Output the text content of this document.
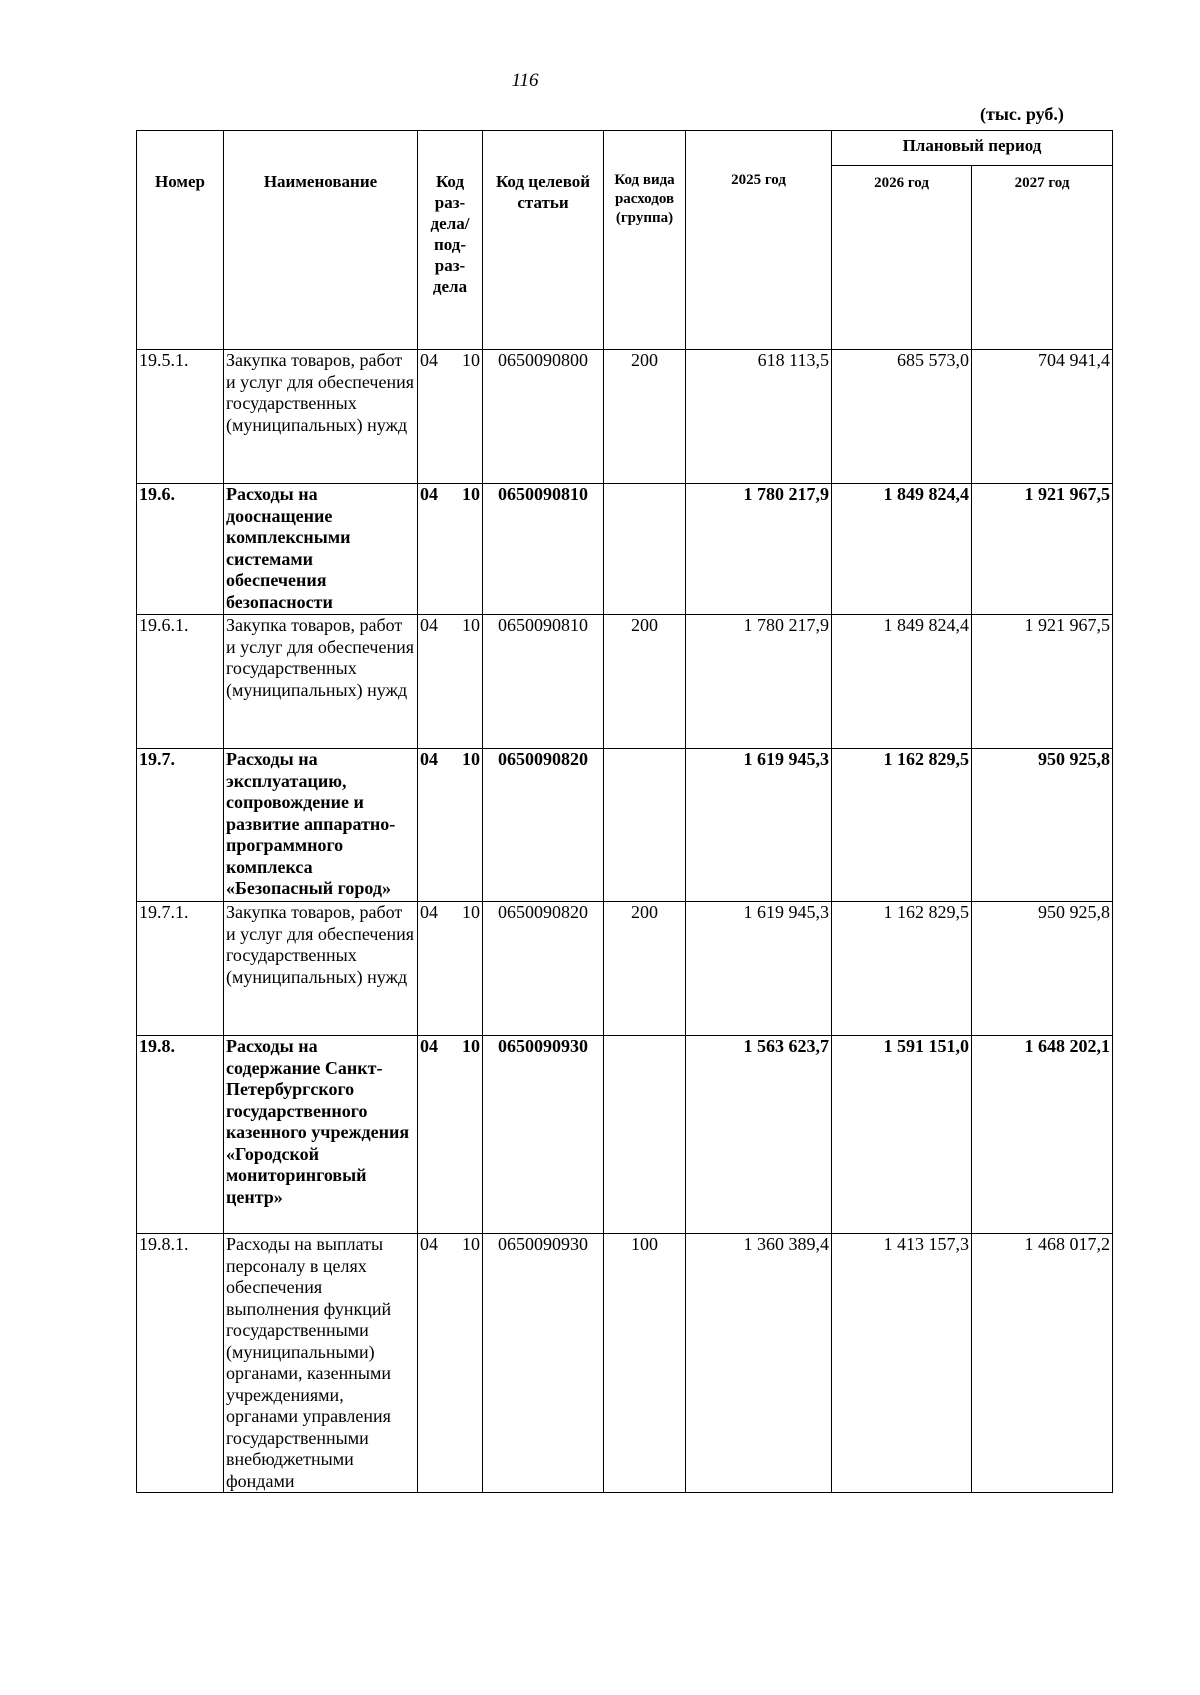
116
(тыс. руб.)
Номер	Наименование	Код раз-дела/ под-раз-дела	Код целевой статьи	Код вида расходов (группа)	2025 год	Плановый период	
						2026 год	2027 год
19.5.1.	Закупка товаров, работ и услуг для обеспечения государственных (муниципальных) нужд	04 10	0650090800	200	618 113,5	685 573,0	704 941,4
19.6.	Расходы на дооснащение комплексными системами обеспечения безопасности	04 10	0650090810		1 780 217,9	1 849 824,4	1 921 967,5
19.6.1.	Закупка товаров, работ и услуг для обеспечения государственных (муниципальных) нужд	04 10	0650090810	200	1 780 217,9	1 849 824,4	1 921 967,5
19.7.	Расходы на эксплуатацию, сопровождение и развитие аппаратно-программного комплекса «Безопасный город»	04 10	0650090820		1 619 945,3	1 162 829,5	950 925,8
19.7.1.	Закупка товаров, работ и услуг для обеспечения государственных (муниципальных) нужд	04 10	0650090820	200	1 619 945,3	1 162 829,5	950 925,8
19.8.	Расходы на содержание Санкт-Петербургского государственного казенного учреждения «Городской мониторинговый центр»	04 10	0650090930		1 563 623,7	1 591 151,0	1 648 202,1
19.8.1.	Расходы на выплаты персоналу в целях обеспечения выполнения функций государственными (муниципальными) органами, казенными учреждениями, органами управления государственными внебюджетными фондами	04 10	0650090930	100	1 360 389,4	1 413 157,3	1 468 017,2
